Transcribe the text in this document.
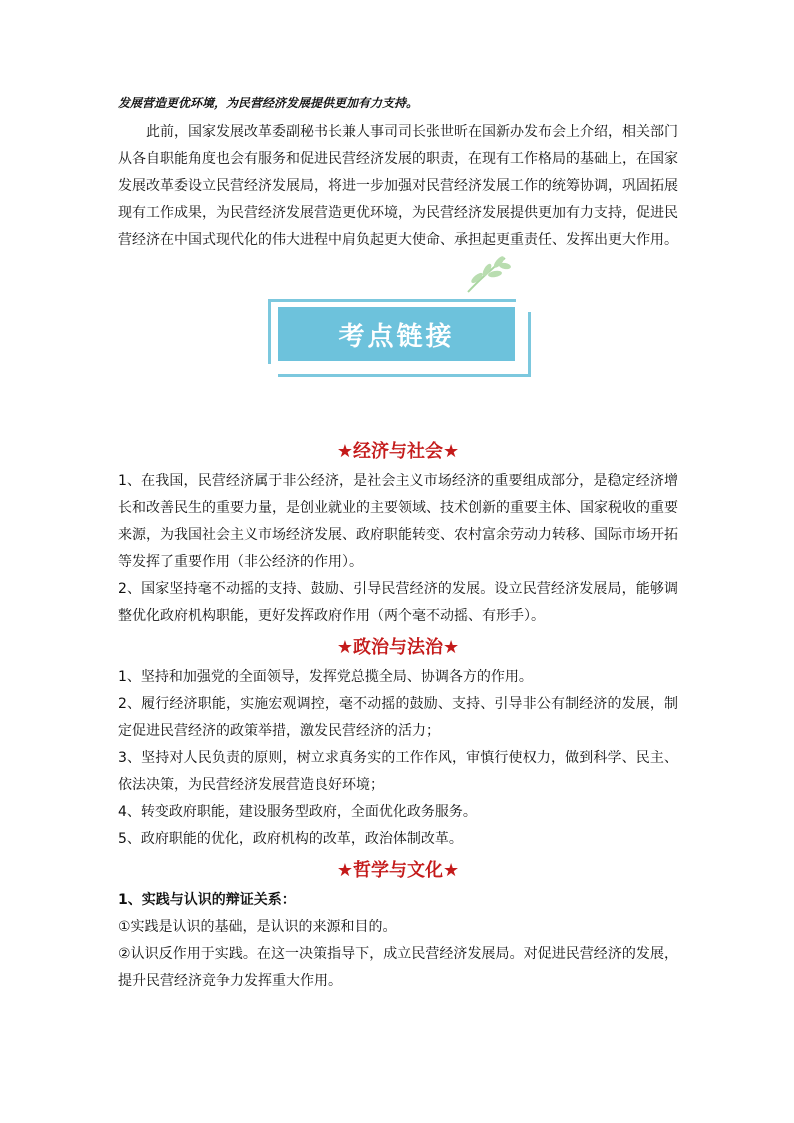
发展营造更优环境，为民营经济发展提供更加有力支持。

此前，国家发展改革委副秘书长兼人事司司长张世昕在国新办发布会上介绍，相关部门从各自职能角度也会有服务和促进民营经济发展的职责，在现有工作格局的基础上，在国家发展改革委设立民营经济发展局，将进一步加强对民营经济发展工作的统筹协调，巩固拓展现有工作成果，为民营经济发展营造更优环境，为民营经济发展提供更加有力支持，促进民营经济在中国式现代化的伟大进程中肩负起更大使命、承担起更重责任、发挥出更大作用。

考点链接
★经济与社会★

1、在我国，民营经济属于非公经济，是社会主义市场经济的重要组成部分，是稳定经济增长和改善民生的重要力量，是创业就业的主要领域、技术创新的重要主体、国家税收的重要来源，为我国社会主义市场经济发展、政府职能转变、农村富余劳动力转移、国际市场开拓等发挥了重要作用（非公经济的作用）。

2、国家坚持毫不动摇的支持、鼓励、引导民营经济的发展。设立民营经济发展局，能够调整优化政府机构职能，更好发挥政府作用（两个毫不动摇、有形手）。

★政治与法治★

1、坚持和加强党的全面领导，发挥党总揽全局、协调各方的作用。

2、履行经济职能，实施宏观调控，毫不动摇的鼓励、支持、引导非公有制经济的发展，制定促进民营经济的政策举措，激发民营经济的活力；

3、坚持对人民负责的原则，树立求真务实的工作作风，审慎行使权力，做到科学、民主、依法决策，为民营经济发展营造良好环境；

4、转变政府职能，建设服务型政府，全面优化政务服务。

5、政府职能的优化，政府机构的改革，政治体制改革。

★哲学与文化★

1、实践与认识的辩证关系：

①实践是认识的基础，是认识的来源和目的。

②认识反作用于实践。在这一决策指导下，成立民营经济发展局。对促进民营经济的发展，提升民营经济竞争力发挥重大作用。
